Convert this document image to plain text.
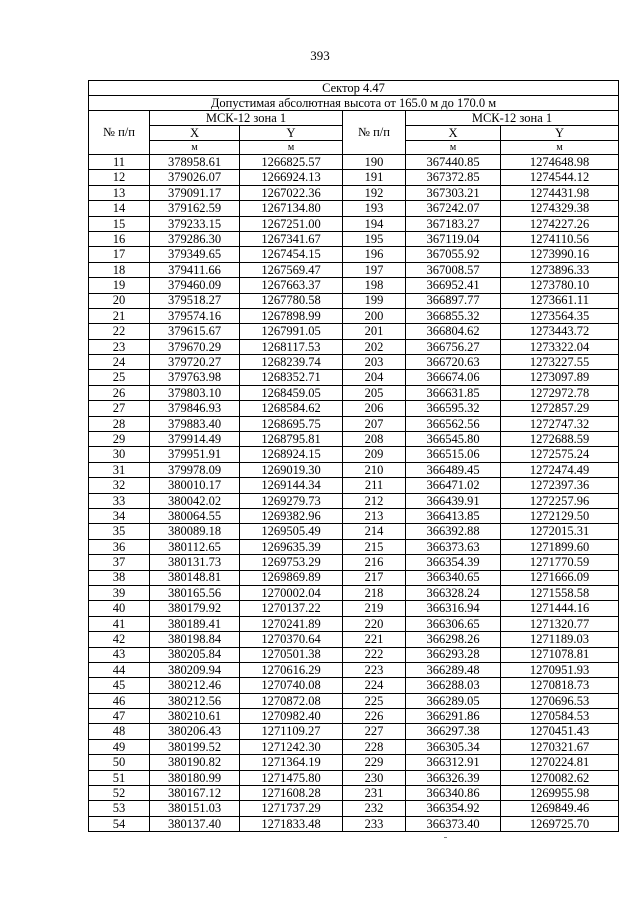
393
Сектор 4.47					
Допустимая абсолютная высота от 165.0 м до 170.0 м					
№ п/п	МСК-12 зона 1		№ п/п	МСК-12 зона 1	
	X	Y		X	Y
	м	м		м	м
11	378958.61	1266825.57	190	367440.85	1274648.98
12	379026.07	1266924.13	191	367372.85	1274544.12
13	379091.17	1267022.36	192	367303.21	1274431.98
14	379162.59	1267134.80	193	367242.07	1274329.38
15	379233.15	1267251.00	194	367183.27	1274227.26
16	379286.30	1267341.67	195	367119.04	1274110.56
17	379349.65	1267454.15	196	367055.92	1273990.16
18	379411.66	1267569.47	197	367008.57	1273896.33
19	379460.09	1267663.37	198	366952.41	1273780.10
20	379518.27	1267780.58	199	366897.77	1273661.11
21	379574.16	1267898.99	200	366855.32	1273564.35
22	379615.67	1267991.05	201	366804.62	1273443.72
23	379670.29	1268117.53	202	366756.27	1273322.04
24	379720.27	1268239.74	203	366720.63	1273227.55
25	379763.98	1268352.71	204	366674.06	1273097.89
26	379803.10	1268459.05	205	366631.85	1272972.78
27	379846.93	1268584.62	206	366595.32	1272857.29
28	379883.40	1268695.75	207	366562.56	1272747.32
29	379914.49	1268795.81	208	366545.80	1272688.59
30	379951.91	1268924.15	209	366515.06	1272575.24
31	379978.09	1269019.30	210	366489.45	1272474.49
32	380010.17	1269144.34	211	366471.02	1272397.36
33	380042.02	1269279.73	212	366439.91	1272257.96
34	380064.55	1269382.96	213	366413.85	1272129.50
35	380089.18	1269505.49	214	366392.88	1272015.31
36	380112.65	1269635.39	215	366373.63	1271899.60
37	380131.73	1269753.29	216	366354.39	1271770.59
38	380148.81	1269869.89	217	366340.65	1271666.09
39	380165.56	1270002.04	218	366328.24	1271558.58
40	380179.92	1270137.22	219	366316.94	1271444.16
41	380189.41	1270241.89	220	366306.65	1271320.77
42	380198.84	1270370.64	221	366298.26	1271189.03
43	380205.84	1270501.38	222	366293.28	1271078.81
44	380209.94	1270616.29	223	366289.48	1270951.93
45	380212.46	1270740.08	224	366288.03	1270818.73
46	380212.56	1270872.08	225	366289.05	1270696.53
47	380210.61	1270982.40	226	366291.86	1270584.53
48	380206.43	1271109.27	227	366297.38	1270451.43
49	380199.52	1271242.30	228	366305.34	1270321.67
50	380190.82	1271364.19	229	366312.91	1270224.81
51	380180.99	1271475.80	230	366326.39	1270082.62
52	380167.12	1271608.28	231	366340.86	1269955.98
53	380151.03	1271737.29	232	366354.92	1269849.46
54	380137.40	1271833.48	233	366373.40	1269725.70
